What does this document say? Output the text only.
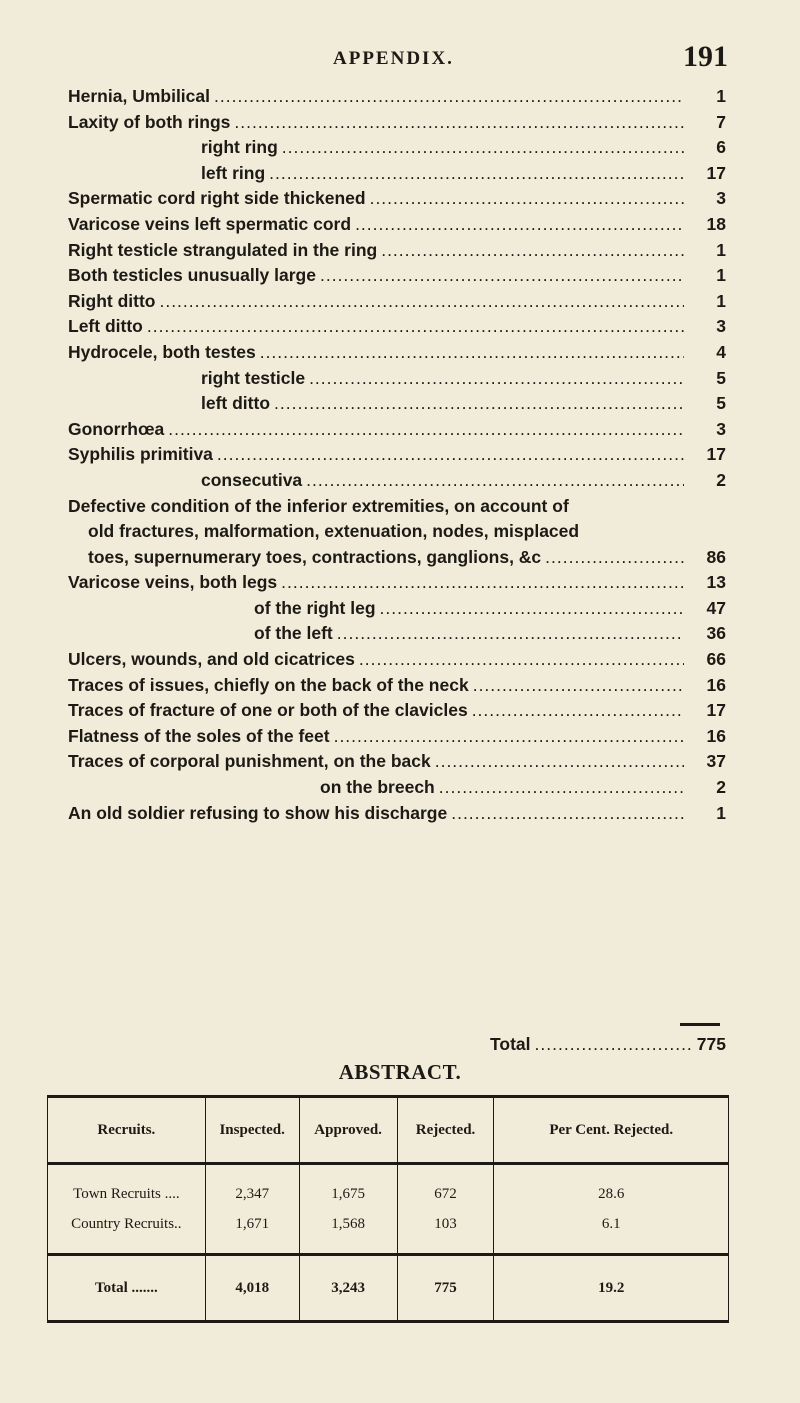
APPENDIX.	191
Hernia, Umbilical .....	1
Laxity of both rings .....	7
right ring .....	6
left ring .....	17
Spermatic cord right side thickened .....	3
Varicose veins left spermatic cord .....	18
Right testicle strangulated in the ring .....	1
Both testicles unusually large .....	1
Right ditto .....	1
Left ditto .....	3
Hydrocele, both testes .....	4
right testicle .....	5
left ditto .....	5
Gonorrhœa .....	3
Syphilis primitiva .....	17
consecutiva .....	2
Defective condition of the inferior extremities, on account of
old fractures, malformation, extenuation, nodes, misplaced
toes, supernumerary toes, contractions, ganglions, &c .....	86
Varicose veins, both legs .....	13
of the right leg .....	47
of the left .....	36
Ulcers, wounds, and old cicatrices .....	66
Traces of issues, chiefly on the back of the neck .....	16
Traces of fracture of one or both of the clavicles .....	17
Flatness of the soles of the feet .....	16
Traces of corporal punishment, on the back .....	37
on the breech .....	2
An old soldier refusing to show his discharge .....	1
Total .....	775
ABSTRACT.
Recruits.	Inspected.	Approved.	Rejected.	Per Cent. Rejected.
Town Recruits ....	2,347	1,675	672	28.6
Country Recruits..	1,671	1,568	103	6.1
Total .......	4,018	3,243	775	19.2
